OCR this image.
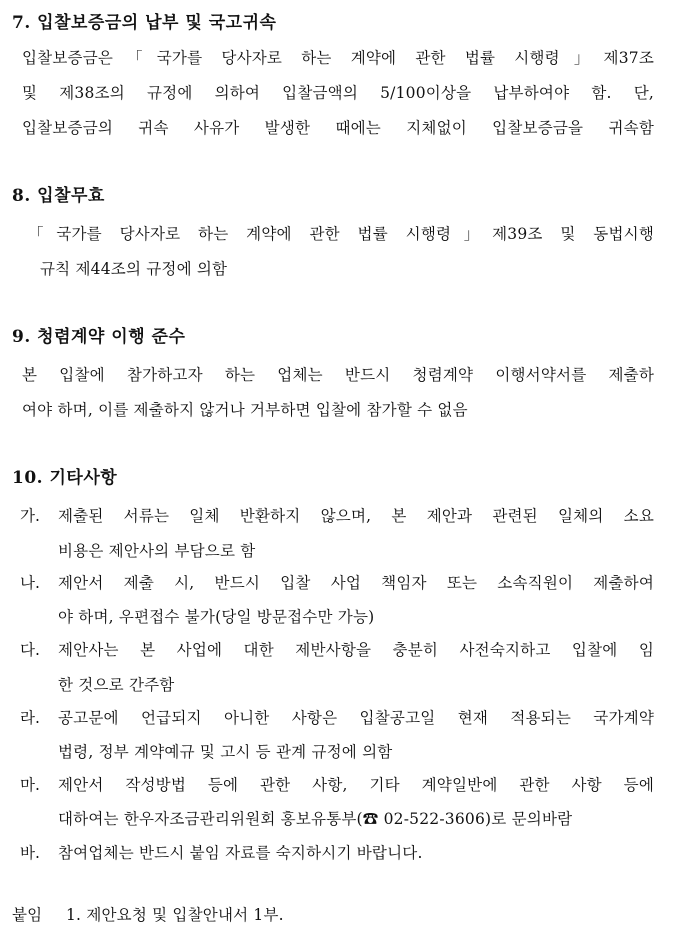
7. 입찰보증금의 납부 및 국고귀속
입찰보증금은「국가를 당사자로 하는 계약에 관한 법률 시행령」제37조
및 제38조의 규정에 의하여 입찰금액의 5/100이상을 납부하여야 함. 단,
입찰보증금의 귀속 사유가 발생한 때에는 지체없이 입찰보증금을 귀속함
8. 입찰무효
「국가를 당사자로 하는 계약에 관한 법률 시행령」제39조 및 동법시행
규칙 제44조의 규정에 의함
9. 청렴계약 이행 준수
본 입찰에 참가하고자 하는 업체는 반드시 청렴계약 이행서약서를 제출하
여야 하며, 이를 제출하지 않거나 거부하면 입찰에 참가할 수 없음
10. 기타사항
가. 제출된 서류는 일체 반환하지 않으며, 본 제안과 관련된 일체의 소요
비용은 제안사의 부담으로 함
나. 제안서 제출 시, 반드시 입찰 사업 책임자 또는 소속직원이 제출하여
야 하며, 우편접수 불가(당일 방문접수만 가능)
다. 제안사는 본 사업에 대한 제반사항을 충분히 사전숙지하고 입찰에 임
한 것으로 간주함
라. 공고문에 언급되지 아니한 사항은 입찰공고일 현재 적용되는 국가계약
법령, 정부 계약예규 및 고시 등 관계 규정에 의함
마. 제안서 작성방법 등에 관한 사항, 기타 계약일반에 관한 사항 등에
대하여는 한우자조금관리위원회 홍보유통부(☎ 02-522-3606)로 문의바람
바. 참여업체는 반드시 붙임 자료를 숙지하시기 바랍니다.
붙임 1. 제안요청 및 입찰안내서 1부.
